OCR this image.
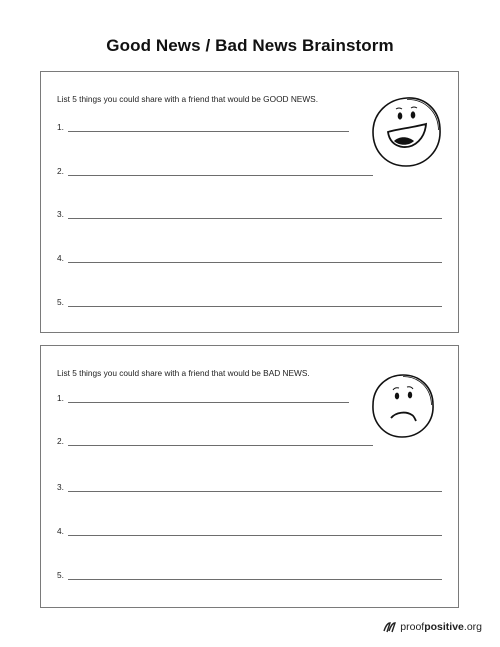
Good News / Bad News Brainstorm
List 5 things you could share with a friend that would be GOOD NEWS.
1.
2.
3.
4.
5.
List 5 things you could share with a friend that would be BAD NEWS.
1.
2.
3.
4.
5.
proof positive .org
